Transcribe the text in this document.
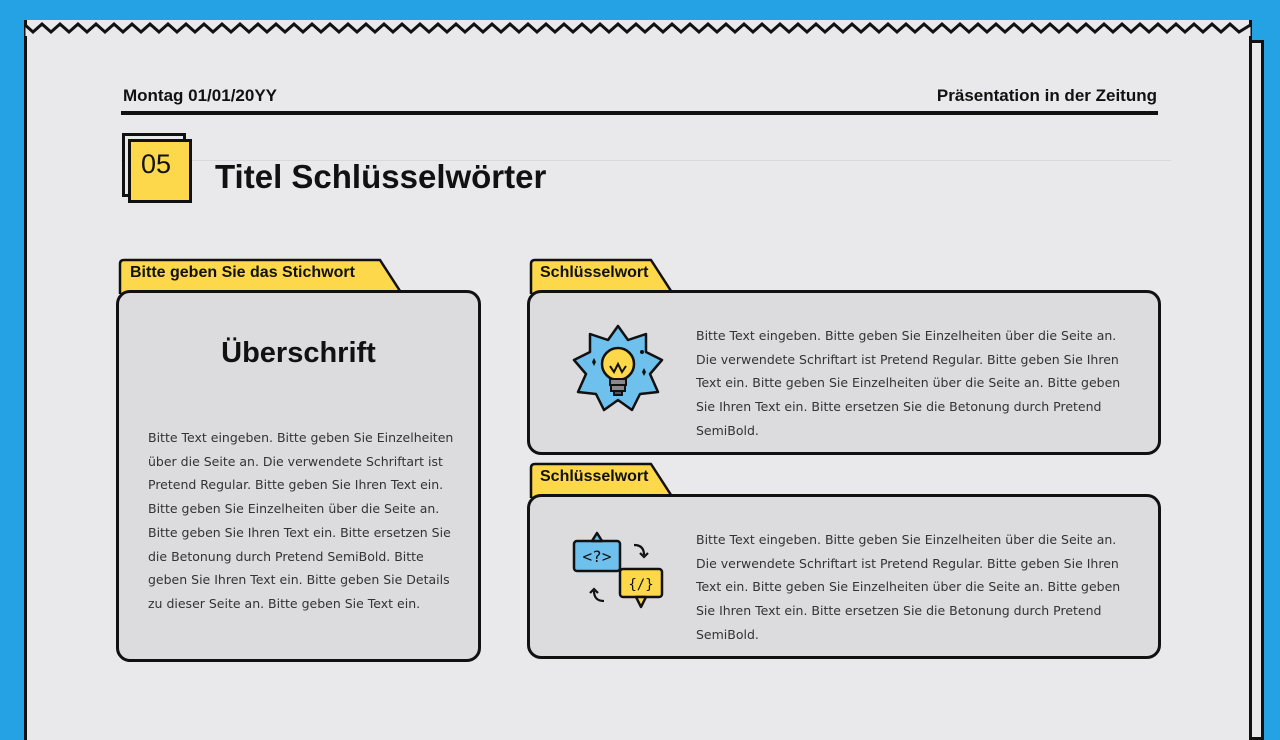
Montag 01/01/20YY	Präsentation in der Zeitung
05 Titel Schlüsselwörter
Bitte geben Sie das Stichwort
Überschrift
Bitte Text eingeben. Bitte geben Sie Einzelheiten über die Seite an. Die verwendete Schriftart ist Pretend Regular. Bitte geben Sie Ihren Text ein. Bitte geben Sie Einzelheiten über die Seite an. Bitte geben Sie Ihren Text ein. Bitte ersetzen Sie die Betonung durch Pretend SemiBold. Bitte geben Sie Ihren Text ein. Bitte geben Sie Details zu dieser Seite an. Bitte geben Sie Text ein.
Schlüsselwort
Bitte Text eingeben. Bitte geben Sie Einzelheiten über die Seite an. Die verwendete Schriftart ist Pretend Regular. Bitte geben Sie Ihren Text ein. Bitte geben Sie Einzelheiten über die Seite an. Bitte geben Sie Ihren Text ein. Bitte ersetzen Sie die Betonung durch Pretend SemiBold.
Schlüsselwort
<?>
{/}
Bitte Text eingeben. Bitte geben Sie Einzelheiten über die Seite an. Die verwendete Schriftart ist Pretend Regular. Bitte geben Sie Ihren Text ein. Bitte geben Sie Einzelheiten über die Seite an. Bitte geben Sie Ihren Text ein. Bitte ersetzen Sie die Betonung durch Pretend SemiBold.
